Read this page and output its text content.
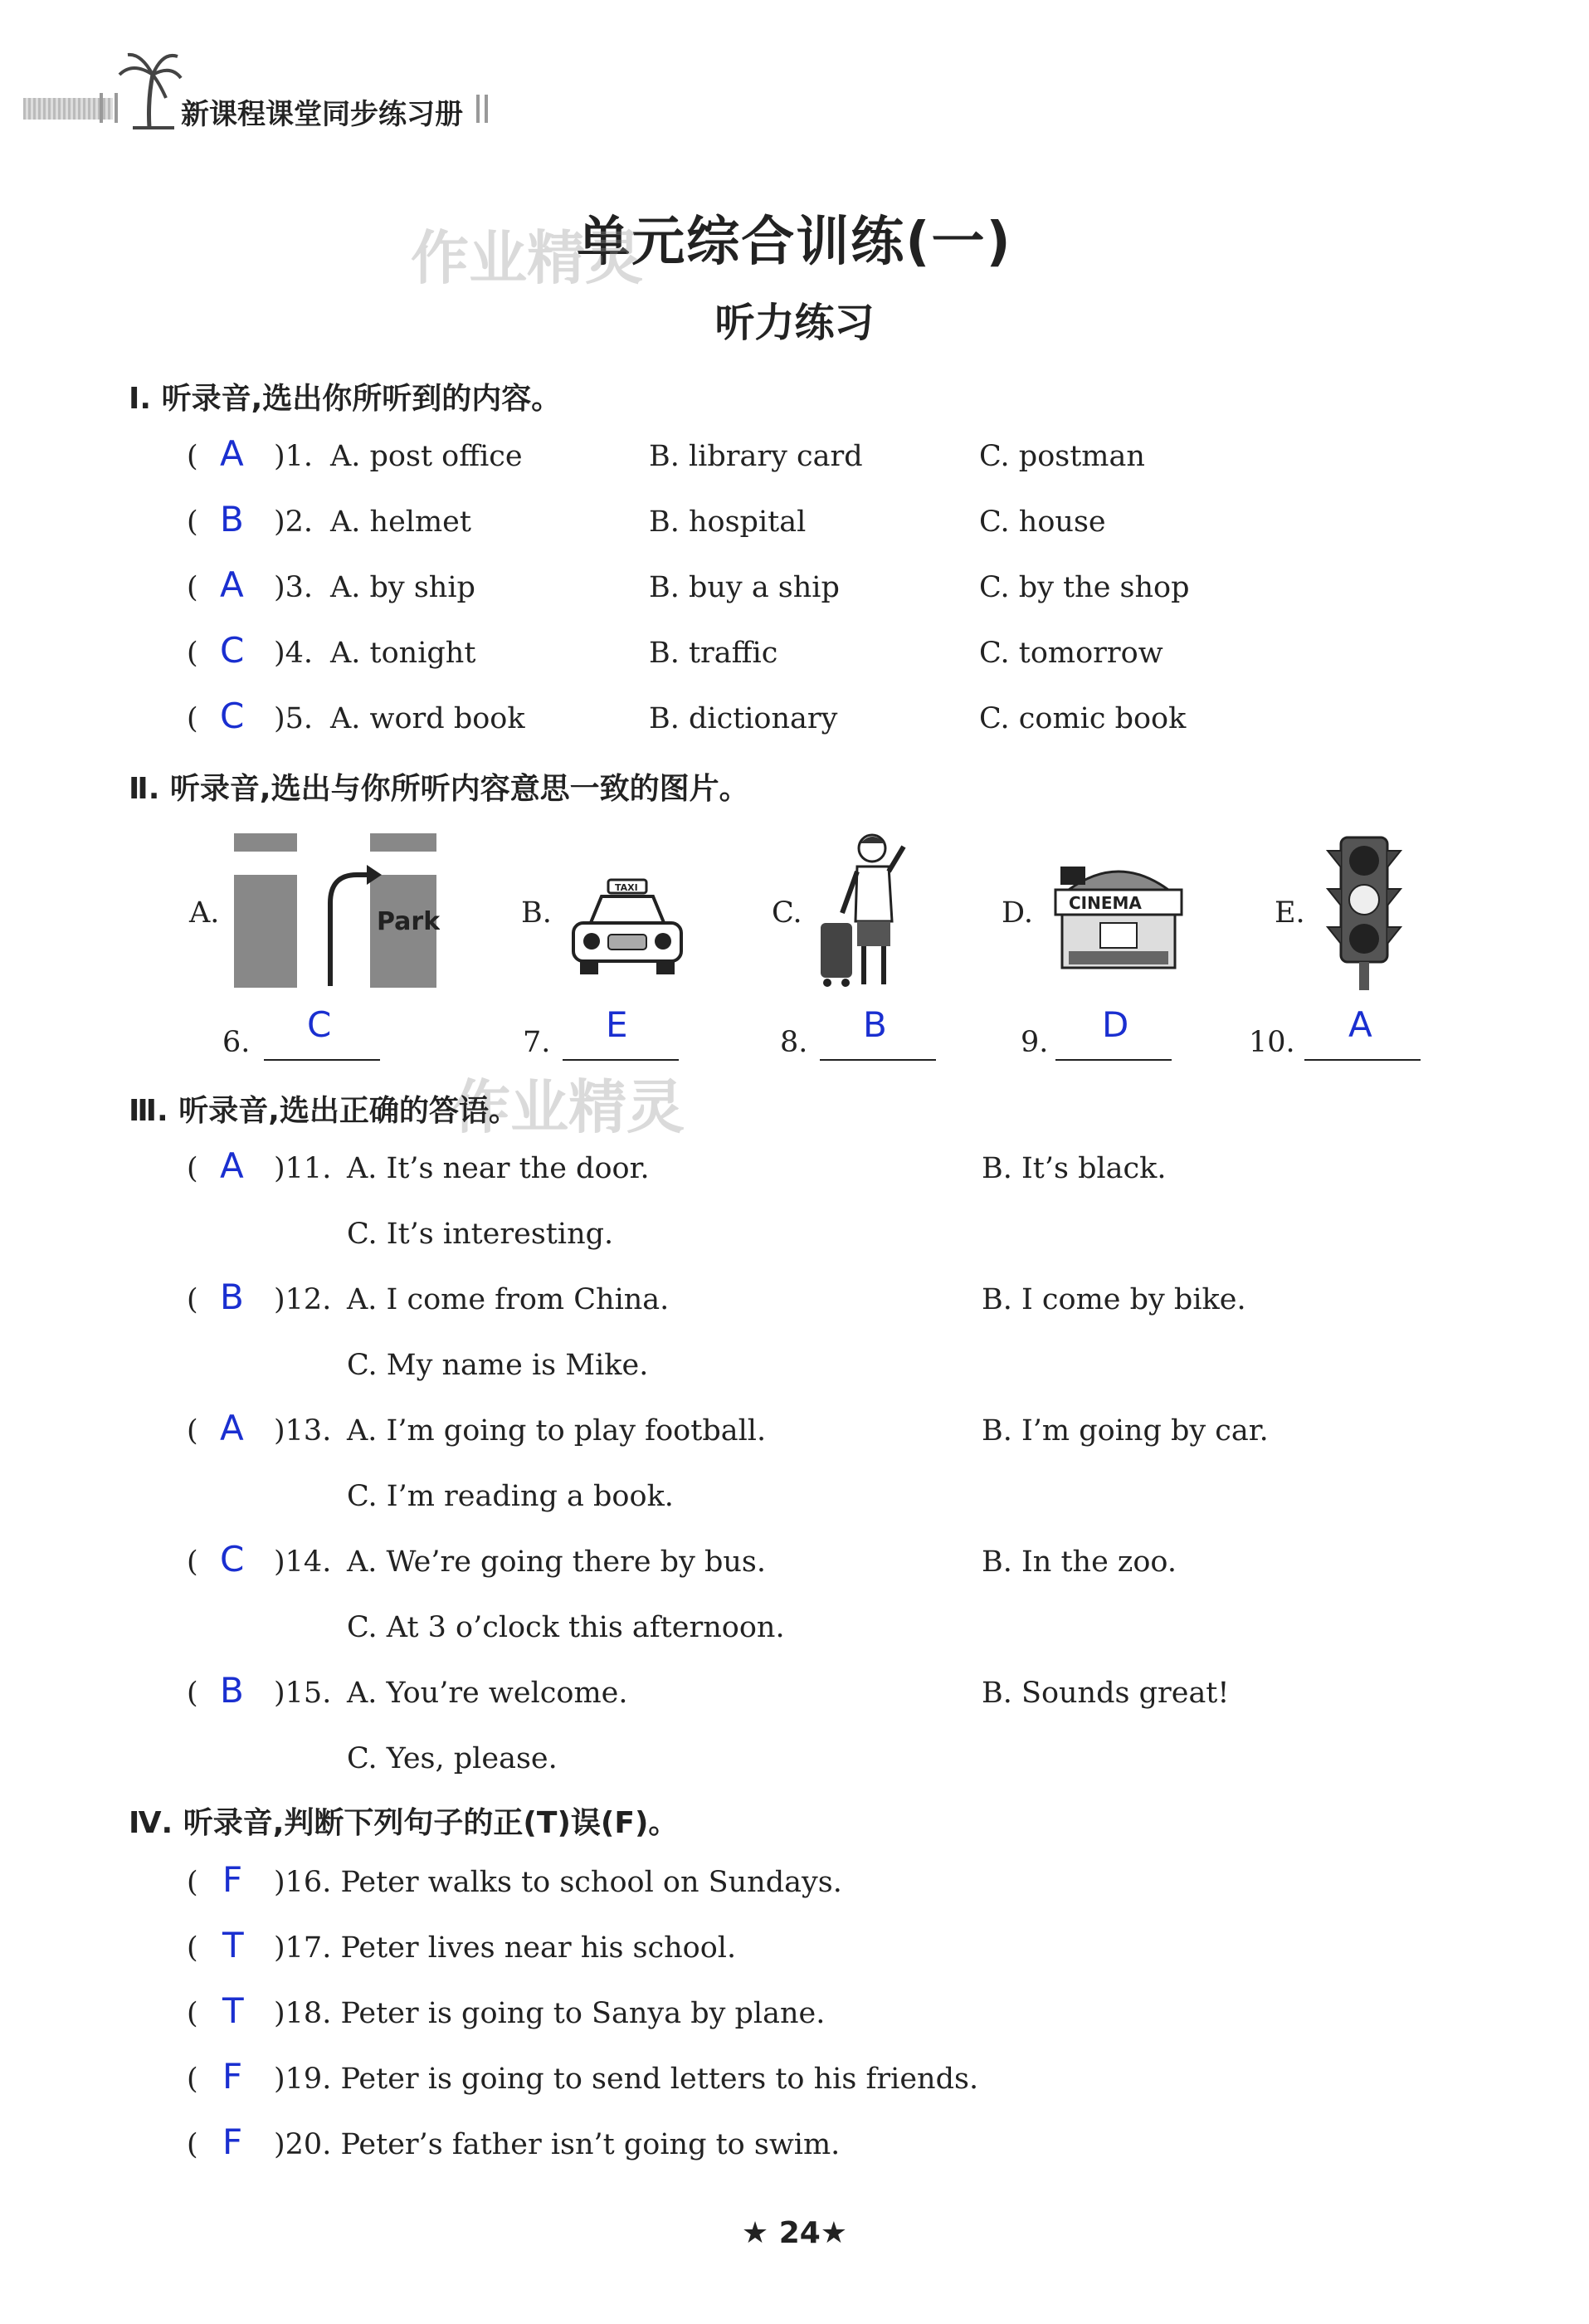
新课程课堂同步练习册
单元综合训练(一)
作业精灵
听力练习
Ⅰ. 听录音,选出你所听到的内容。
( A )1. A. post office	B. library card	C. postman
( B )2. A. helmet	B. hospital	C. house
( A )3. A. by ship	B. buy a ship	C. by the shop
( C )4. A. tonight	B. traffic	C. tomorrow
( C )5. A. word book	B. dictionary	C. comic book
Ⅱ. 听录音,选出与你所听内容意思一致的图片。
A.	Park	B.
TAXI
C.	D. CINEMA	E.
6. C	7. E	8. B	9. D	10. A
作业精灵
Ⅲ. 听录音,选出正确的答语。
( A )11. A. It’s near the door.	B. It’s black.
C. It’s interesting.
( B )12. A. I come from China.	B. I come by bike.
C. My name is Mike.
( A )13. A. I’m going to play football.	B. I’m going by car.
C. I’m reading a book.
( C )14. A. We’re going there by bus.	B. In the zoo.
C. At 3 o’clock this afternoon.
( B )15. A. You’re welcome.	B. Sounds great!
C. Yes, please.
Ⅳ. 听录音,判断下列句子的正(T)误(F)。
( F )16. Peter walks to school on Sundays.
( T )17. Peter lives near his school.
( T )18. Peter is going to Sanya by plane.
( F )19. Peter is going to send letters to his friends.
( F )20. Peter’s father isn’t going to swim.
★ 24★
